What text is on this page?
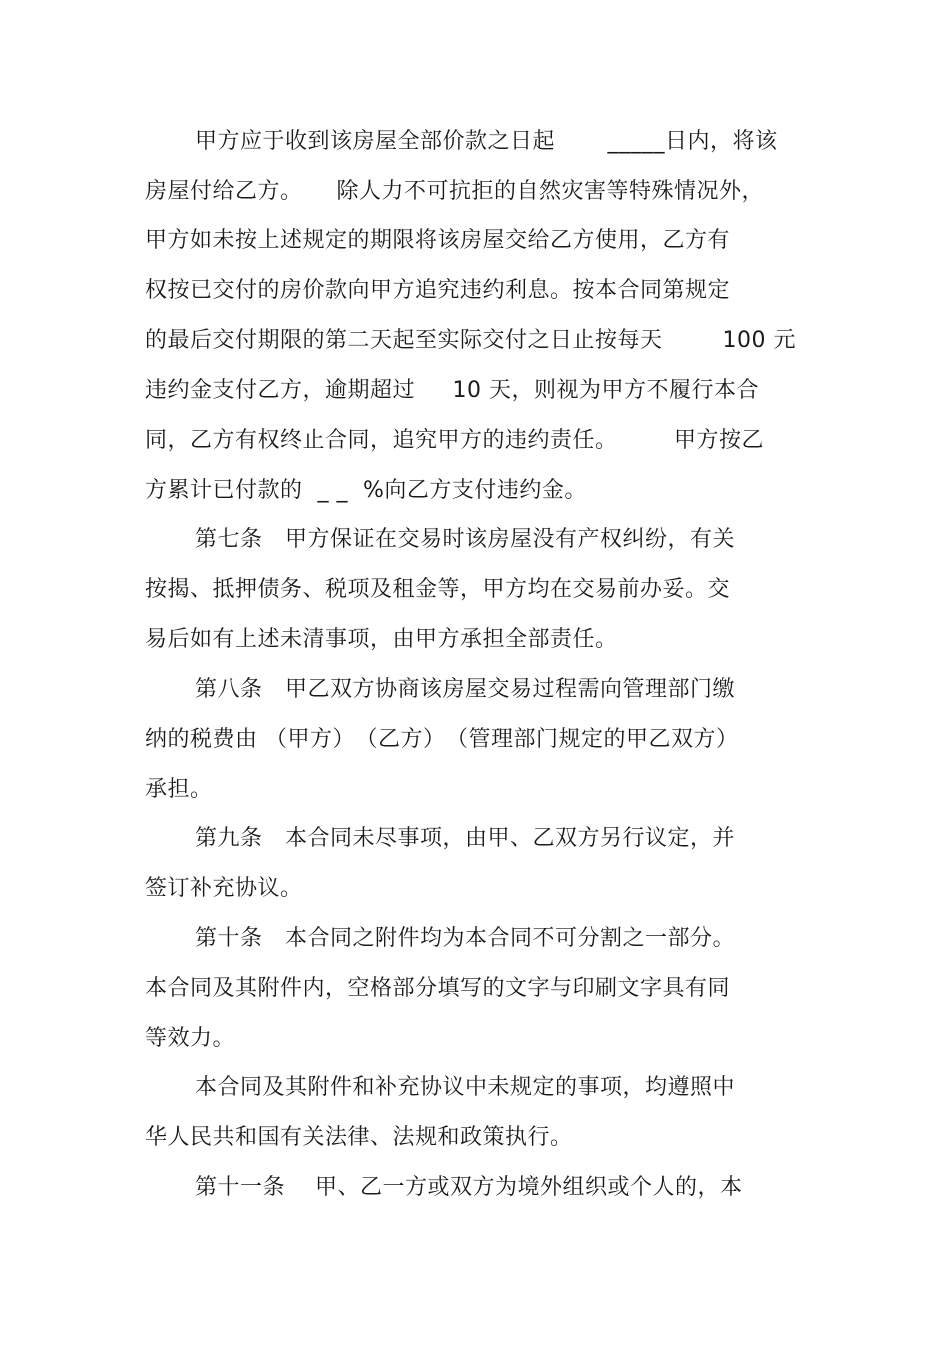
甲方应于收到该房屋全部价款之日起　　 _____日内，将该
房屋付给乙方。　　除人力不可抗拒的自然灾害等特殊情况外，
甲方如未按上述规定的期限将该房屋交给乙方使用，乙方有
权按已交付的房价款向甲方追究违约利息。按本合同第规定
的最后交付期限的第二天起至实际交付之日止按每天　　  100 元
违约金支付乙方，逾期超过　  10 天，则视为甲方不履行本合
同，乙方有权终止合同，追究甲方的违约责任。　　　甲方按乙
方累计已付款的  _ _  %向乙方支付违约金。
第七条　甲方保证在交易时该房屋没有产权纠纷，有关
按揭、抵押债务、税项及租金等，甲方均在交易前办妥。交
易后如有上述未清事项，由甲方承担全部责任。
第八条　甲乙双方协商该房屋交易过程需向管理部门缴
纳的税费由 （甲方）　（乙方）　（管理部门规定的甲乙双方）
承担。
第九条　本合同未尽事项，由甲、乙双方另行议定，并
签订补充协议。
第十条　本合同之附件均为本合同不可分割之一部分。
本合同及其附件内，空格部分填写的文字与印刷文字具有同
等效力。
本合同及其附件和补充协议中未规定的事项，均遵照中
华人民共和国有关法律、法规和政策执行。
第十一条　 甲、乙一方或双方为境外组织或个人的，本
